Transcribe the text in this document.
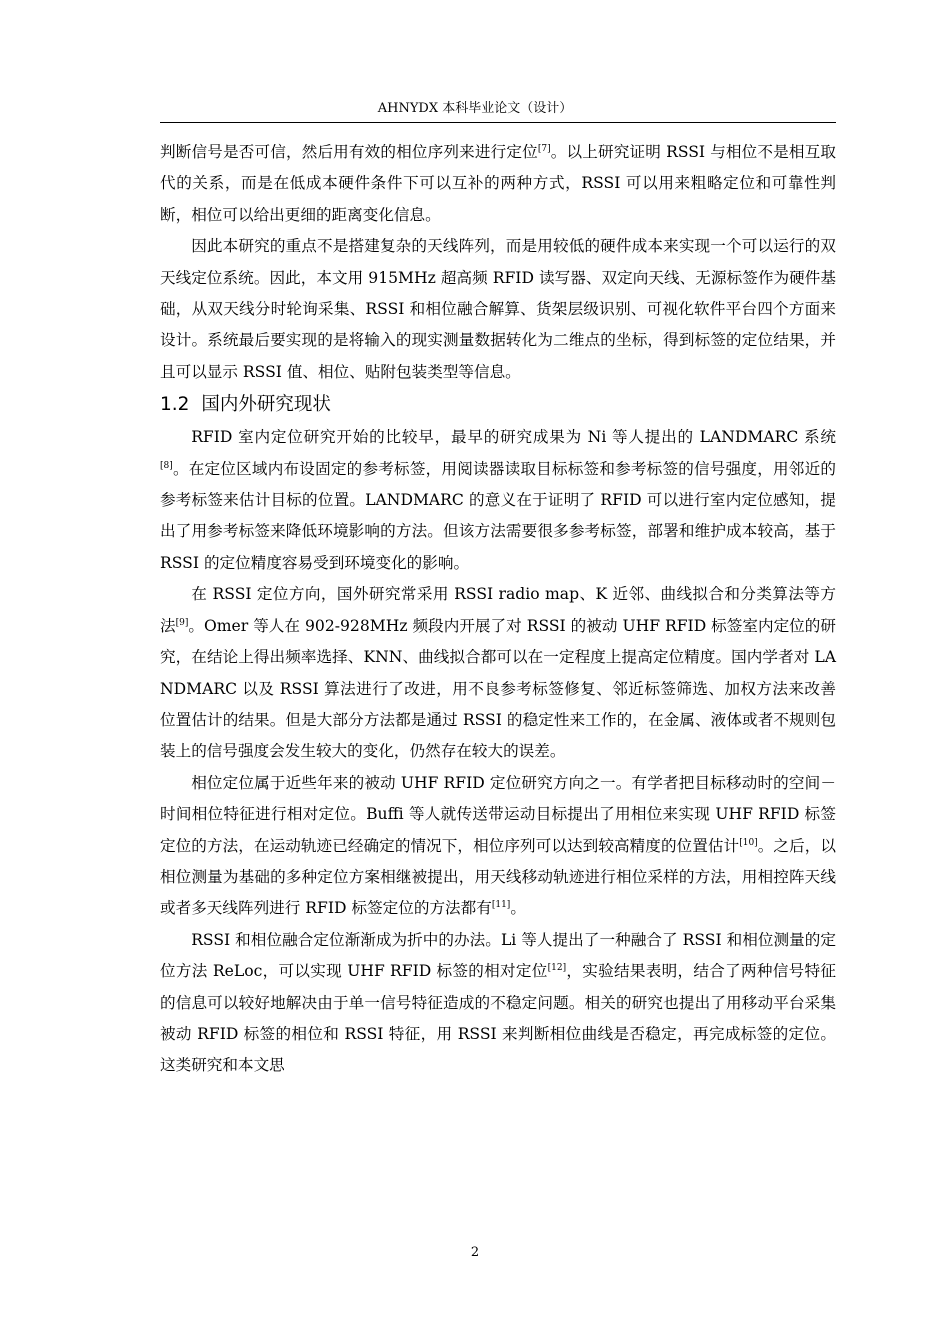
AHNYDX 本科毕业论文（设计）

判断信号是否可信，然后用有效的相位序列来进行定位[7]。以上研究证明 RSSI 与相位不是相互取代的关系，而是在低成本硬件条件下可以互补的两种方式，RSSI 可以用来粗略定位和可靠性判断，相位可以给出更细的距离变化信息。

因此本研究的重点不是搭建复杂的天线阵列，而是用较低的硬件成本来实现一个可以运行的双天线定位系统。因此，本文用 915MHz 超高频 RFID 读写器、双定向天线、无源标签作为硬件基础，从双天线分时轮询采集、RSSI 和相位融合解算、货架层级识别、可视化软件平台四个方面来设计。系统最后要实现的是将输入的现实测量数据转化为二维点的坐标，得到标签的定位结果，并且可以显示 RSSI 值、相位、贴附包装类型等信息。

1.2 国内外研究现状

RFID 室内定位研究开始的比较早，最早的研究成果为 Ni 等人提出的 LANDMARC 系统[8]。在定位区域内布设固定的参考标签，用阅读器读取目标标签和参考标签的信号强度，用邻近的参考标签来估计目标的位置。LANDMARC 的意义在于证明了 RFID 可以进行室内定位感知，提出了用参考标签来降低环境影响的方法。但该方法需要很多参考标签，部署和维护成本较高，基于 RSSI 的定位精度容易受到环境变化的影响。

在 RSSI 定位方向，国外研究常采用 RSSI radio map、K 近邻、曲线拟合和分类算法等方法[9]。Omer 等人在 902-928MHz 频段内开展了对 RSSI 的被动 UHF RFID 标签室内定位的研究，在结论上得出频率选择、KNN、曲线拟合都可以在一定程度上提高定位精度。国内学者对 LANDMARC 以及 RSSI 算法进行了改进，用不良参考标签修复、邻近标签筛选、加权方法来改善位置估计的结果。但是大部分方法都是通过 RSSI 的稳定性来工作的，在金属、液体或者不规则包装上的信号强度会发生较大的变化，仍然存在较大的误差。

相位定位属于近些年来的被动 UHF RFID 定位研究方向之一。有学者把目标移动时的空间－时间相位特征进行相对定位。Buffi 等人就传送带运动目标提出了用相位来实现 UHF RFID 标签定位的方法，在运动轨迹已经确定的情况下，相位序列可以达到较高精度的位置估计[10]。之后，以相位测量为基础的多种定位方案相继被提出，用天线移动轨迹进行相位采样的方法，用相控阵天线或者多天线阵列进行 RFID 标签定位的方法都有[11]。

RSSI 和相位融合定位渐渐成为折中的办法。Li 等人提出了一种融合了 RSSI 和相位测量的定位方法 ReLoc，可以实现 UHF RFID 标签的相对定位[12]，实验结果表明，结合了两种信号特征的信息可以较好地解决由于单一信号特征造成的不稳定问题。相关的研究也提出了用移动平台采集被动 RFID 标签的相位和 RSSI 特征，用 RSSI 来判断相位曲线是否稳定，再完成标签的定位。这类研究和本文思

2
